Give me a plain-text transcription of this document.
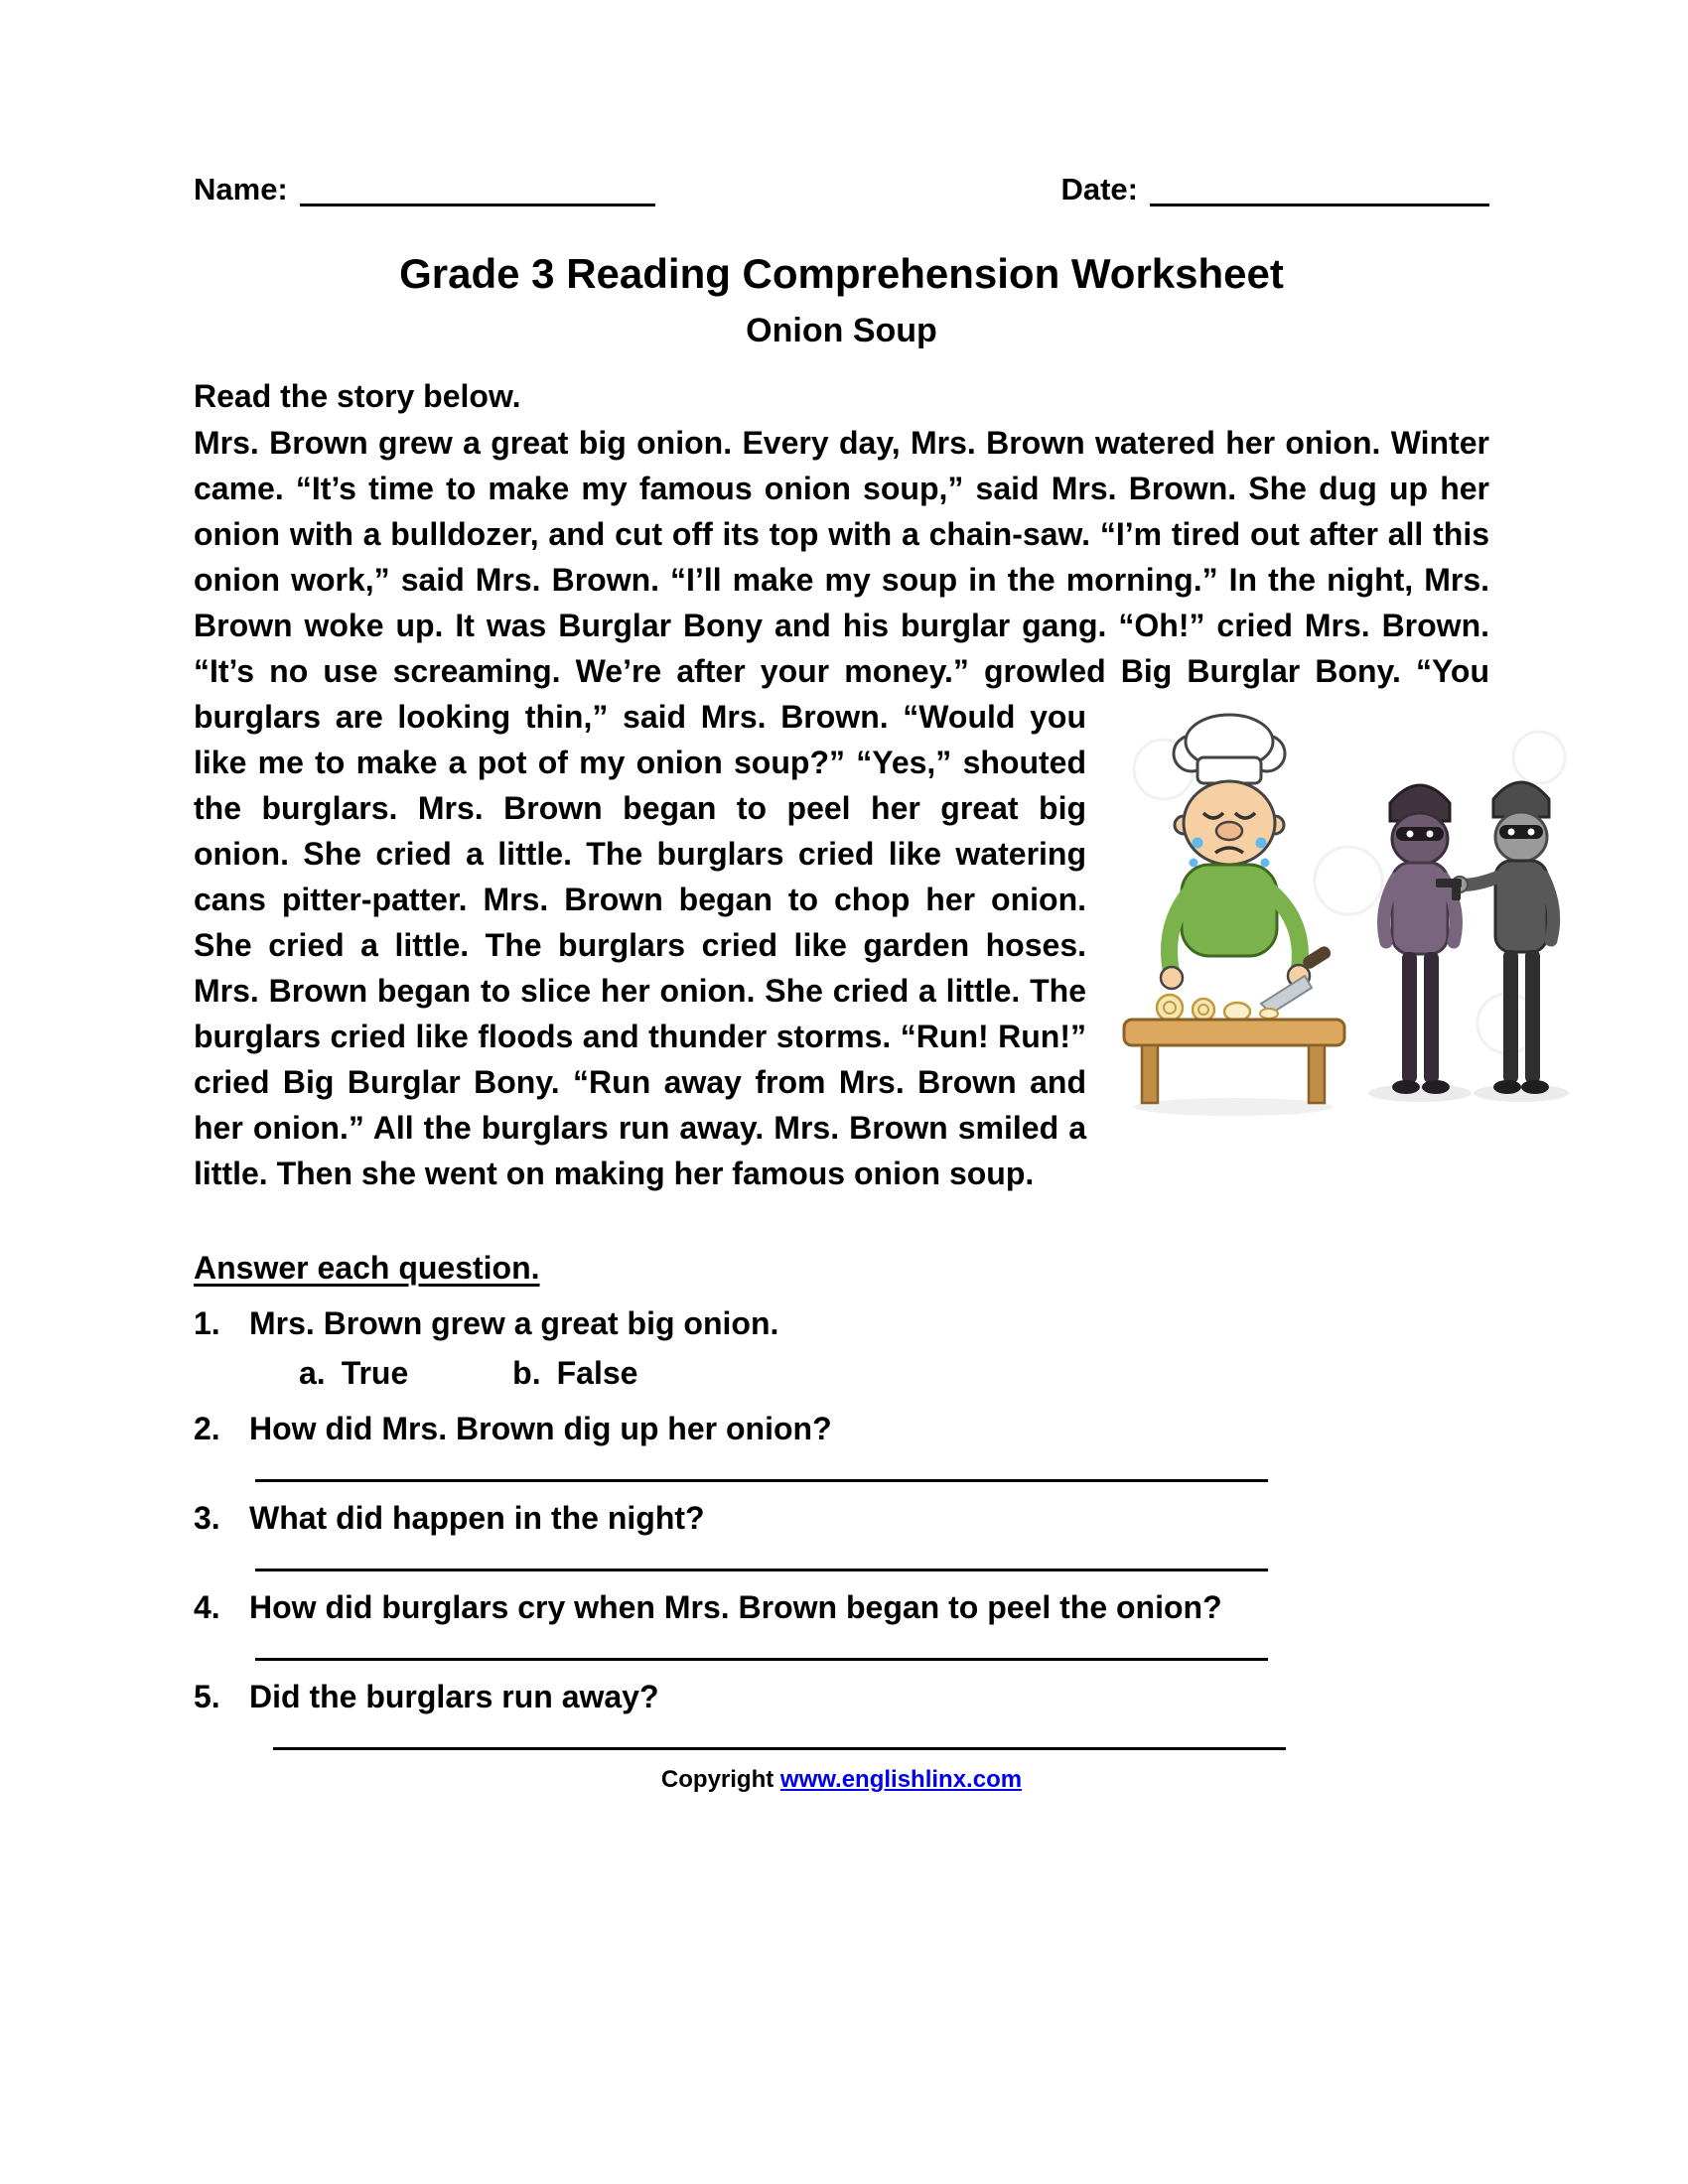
Name:	Date:
Grade 3 Reading Comprehension Worksheet
Onion Soup
Read the story below.

Mrs. Brown grew a great big onion. Every day, Mrs. Brown watered her onion. Winter came. “It’s time to make my famous onion soup,” said Mrs. Brown. She dug up her onion with a bulldozer, and cut off its top with a chain-saw. “I’m tired out after all this onion work,” said Mrs. Brown. “I’ll make my soup in the morning.” In the night, Mrs. Brown woke up. It was Burglar Bony and his burglar gang. “Oh!” cried Mrs. Brown. “It’s no use screaming. We’re after your money.” growled Big Burglar Bony. “You burglars are looking thin,” said Mrs. Brown.
“Would you like me to make a pot of my onion soup?” “Yes,” shouted the burglars. Mrs. Brown began to peel her great big onion. She cried a little. The burglars cried like watering cans pitter-patter. Mrs. Brown began to chop her onion. She cried a little. The burglars cried like garden hoses. Mrs. Brown began to slice her onion. She cried a little. The burglars cried like floods and thunder storms. “Run! Run!” cried Big Burglar Bony. “Run away from Mrs. Brown and her onion.” All the burglars run away. Mrs. Brown smiled a little. Then she went on making her famous onion soup.

Answer each question.
1. Mrs. Brown grew a great big onion.
a. True	b. False
2. How did Mrs. Brown dig up her onion?
3. What did happen in the night?
4. How did burglars cry when Mrs. Brown began to peel the onion?
5. Did the burglars run away?
Copyright www.englishlinx.com
